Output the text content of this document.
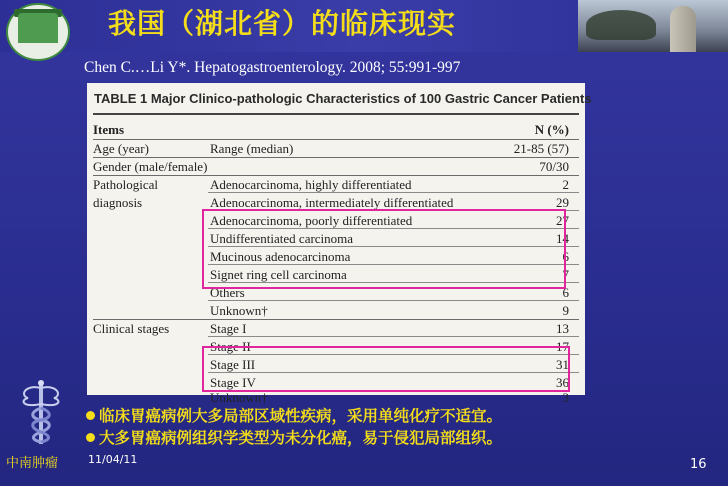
我国（湖北省）的临床现实
Chen C.…Li Y*. Hepatogastroenterology. 2008; 55:991-997
TABLE 1 Major Clinico-pathologic Characteristics of 100 Gastric Cancer Patients
Items	N (%)
Age (year)	Range (median)	21-85 (57)
Gender (male/female)	70/30
Pathological	Adenocarcinoma, highly differentiated	2
diagnosis	Adenocarcinoma, intermediately differentiated	29
Adenocarcinoma, poorly differentiated	27
Undifferentiated carcinoma	14
Mucinous adenocarcinoma	6
Signet ring cell carcinoma	7
Others	6
Unknown†	9
Clinical stages	Stage I	13
Stage II	17
Stage III	31
Stage IV	36
Unknown†	3
临床胃癌病例大多局部区域性疾病，采用单纯化疗不适宜。
大多胃癌病例组织学类型为未分化癌，易于侵犯局部组织。
中南肿瘤	11/04/11	16
